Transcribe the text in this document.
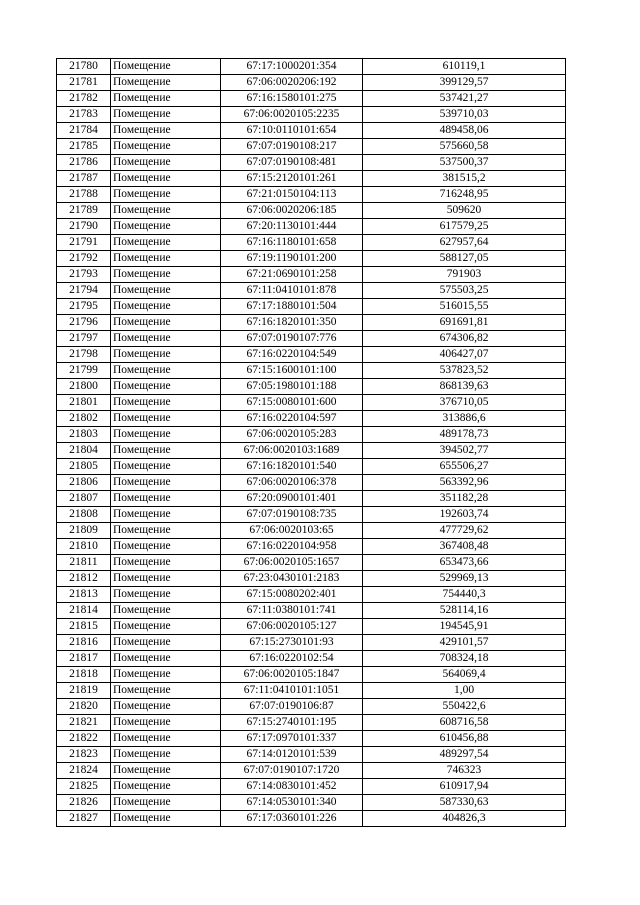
21780	Помещение	67:17:1000201:354	610119,1
21781	Помещение	67:06:0020206:192	399129,57
21782	Помещение	67:16:1580101:275	537421,27
21783	Помещение	67:06:0020105:2235	539710,03
21784	Помещение	67:10:0110101:654	489458,06
21785	Помещение	67:07:0190108:217	575660,58
21786	Помещение	67:07:0190108:481	537500,37
21787	Помещение	67:15:2120101:261	381515,2
21788	Помещение	67:21:0150104:113	716248,95
21789	Помещение	67:06:0020206:185	509620
21790	Помещение	67:20:1130101:444	617579,25
21791	Помещение	67:16:1180101:658	627957,64
21792	Помещение	67:19:1190101:200	588127,05
21793	Помещение	67:21:0690101:258	791903
21794	Помещение	67:11:0410101:878	575503,25
21795	Помещение	67:17:1880101:504	516015,55
21796	Помещение	67:16:1820101:350	691691,81
21797	Помещение	67:07:0190107:776	674306,82
21798	Помещение	67:16:0220104:549	406427,07
21799	Помещение	67:15:1600101:100	537823,52
21800	Помещение	67:05:1980101:188	868139,63
21801	Помещение	67:15:0080101:600	376710,05
21802	Помещение	67:16:0220104:597	313886,6
21803	Помещение	67:06:0020105:283	489178,73
21804	Помещение	67:06:0020103:1689	394502,77
21805	Помещение	67:16:1820101:540	655506,27
21806	Помещение	67:06:0020106:378	563392,96
21807	Помещение	67:20:0900101:401	351182,28
21808	Помещение	67:07:0190108:735	192603,74
21809	Помещение	67:06:0020103:65	477729,62
21810	Помещение	67:16:0220104:958	367408,48
21811	Помещение	67:06:0020105:1657	653473,66
21812	Помещение	67:23:0430101:2183	529969,13
21813	Помещение	67:15:0080202:401	754440,3
21814	Помещение	67:11:0380101:741	528114,16
21815	Помещение	67:06:0020105:127	194545,91
21816	Помещение	67:15:2730101:93	429101,57
21817	Помещение	67:16:0220102:54	708324,18
21818	Помещение	67:06:0020105:1847	564069,4
21819	Помещение	67:11:0410101:1051	1,00
21820	Помещение	67:07:0190106:87	550422,6
21821	Помещение	67:15:2740101:195	608716,58
21822	Помещение	67:17:0970101:337	610456,88
21823	Помещение	67:14:0120101:539	489297,54
21824	Помещение	67:07:0190107:1720	746323
21825	Помещение	67:14:0830101:452	610917,94
21826	Помещение	67:14:0530101:340	587330,63
21827	Помещение	67:17:0360101:226	404826,3
